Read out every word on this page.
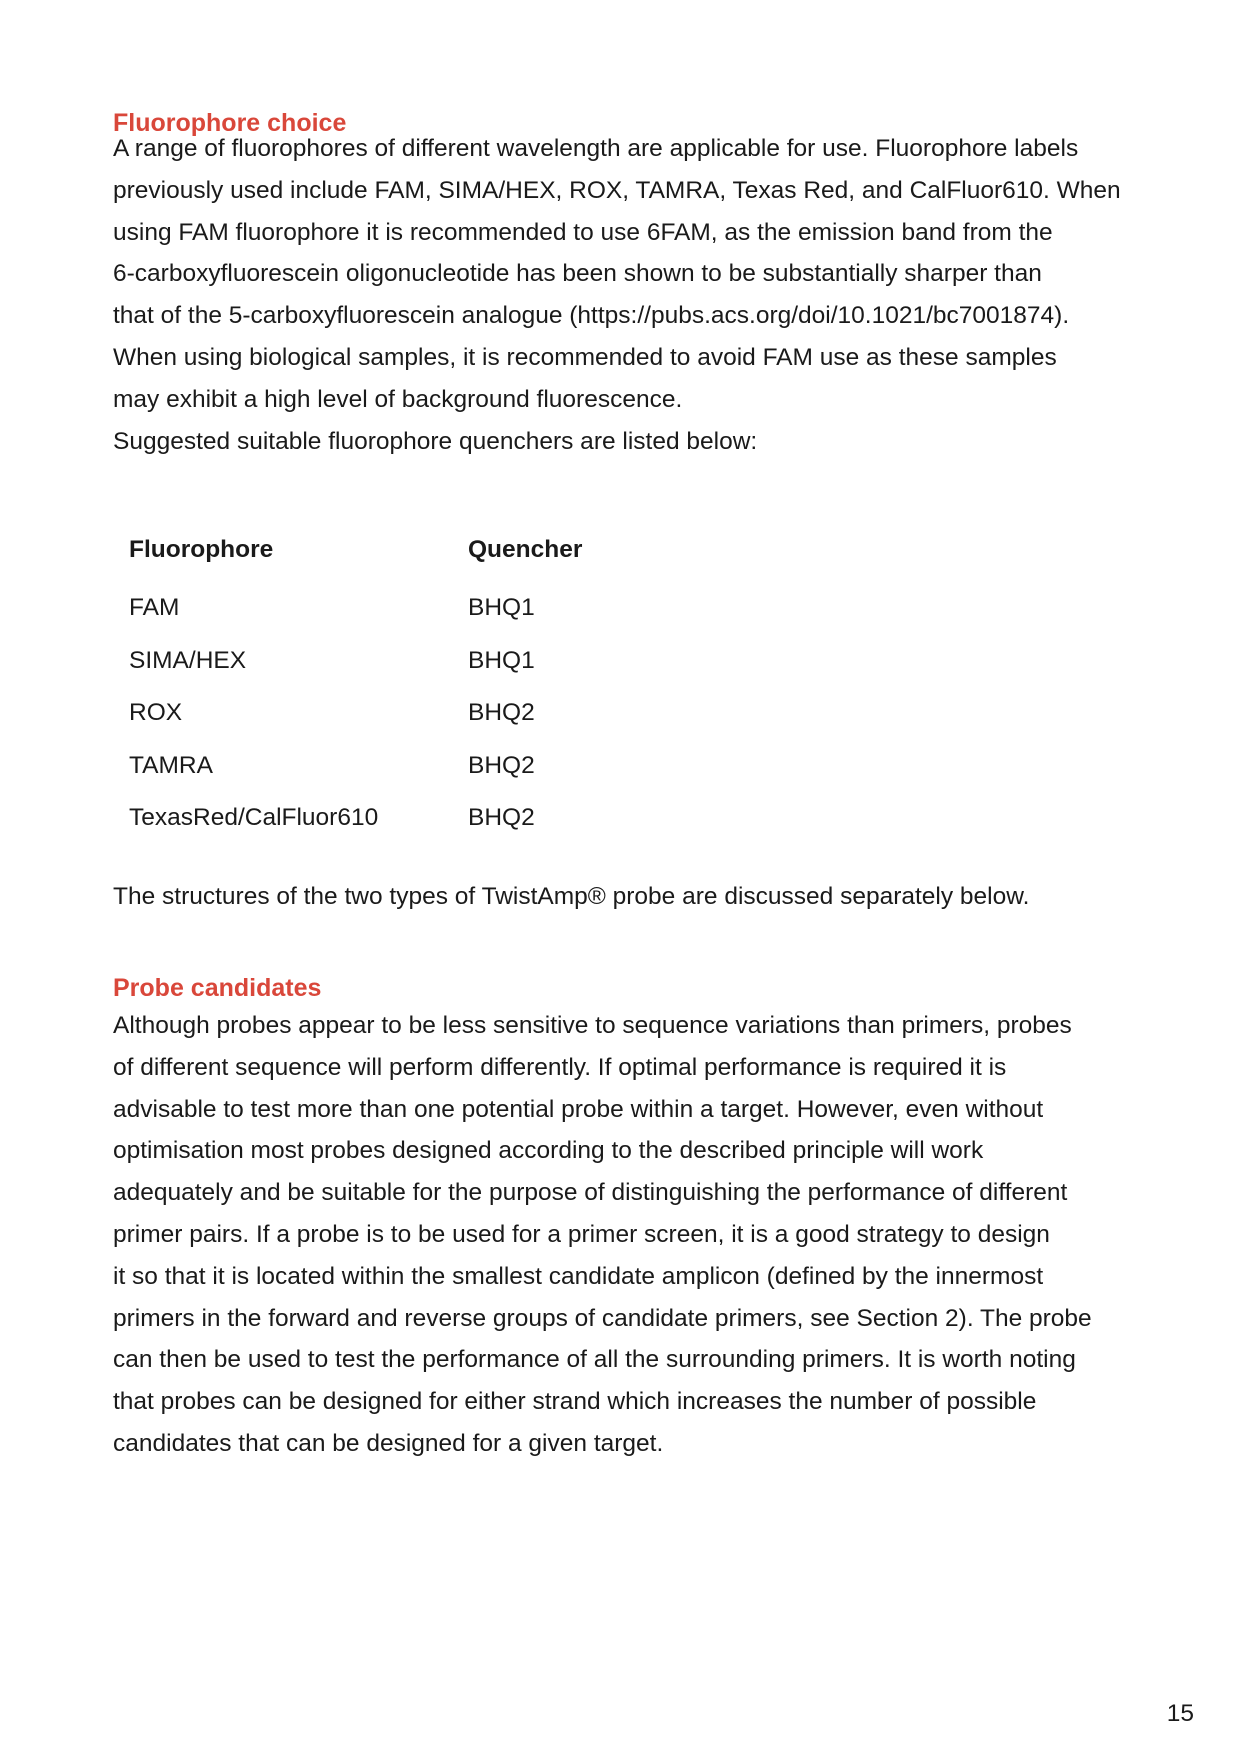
Fluorophore choice

A range of fluorophores of different wavelength are applicable for use. Fluorophore labels

previously used include FAM, SIMA/HEX, ROX, TAMRA, Texas Red, and CalFluor610. When

using FAM fluorophore it is recommended to use 6FAM, as the emission band from the

6-carboxyfluorescein oligonucleotide has been shown to be substantially sharper than

that of the 5-carboxyfluorescein analogue (https://pubs.acs.org/doi/10.1021/bc7001874).

When using biological samples, it is recommended to avoid FAM use as these samples

may exhibit a high level of background fluorescence.

Suggested suitable fluorophore quenchers are listed below:

Fluorophore	Quencher
FAM	BHQ1
SIMA/HEX	BHQ1
ROX	BHQ2
TAMRA	BHQ2
TexasRed/CalFluor610	BHQ2

The structures of the two types of TwistAmp® probe are discussed separately below.

Probe candidates

Although probes appear to be less sensitive to sequence variations than primers, probes

of different sequence will perform differently. If optimal performance is required it is

advisable to test more than one potential probe within a target. However, even without

optimisation most probes designed according to the described principle will work

adequately and be suitable for the purpose of distinguishing the performance of different

primer pairs. If a probe is to be used for a primer screen, it is a good strategy to design

it so that it is located within the smallest candidate amplicon (defined by the innermost

primers in the forward and reverse groups of candidate primers, see Section 2). The probe

can then be used to test the performance of all the surrounding primers. It is worth noting

that probes can be designed for either strand which increases the number of possible

candidates that can be designed for a given target.

15
